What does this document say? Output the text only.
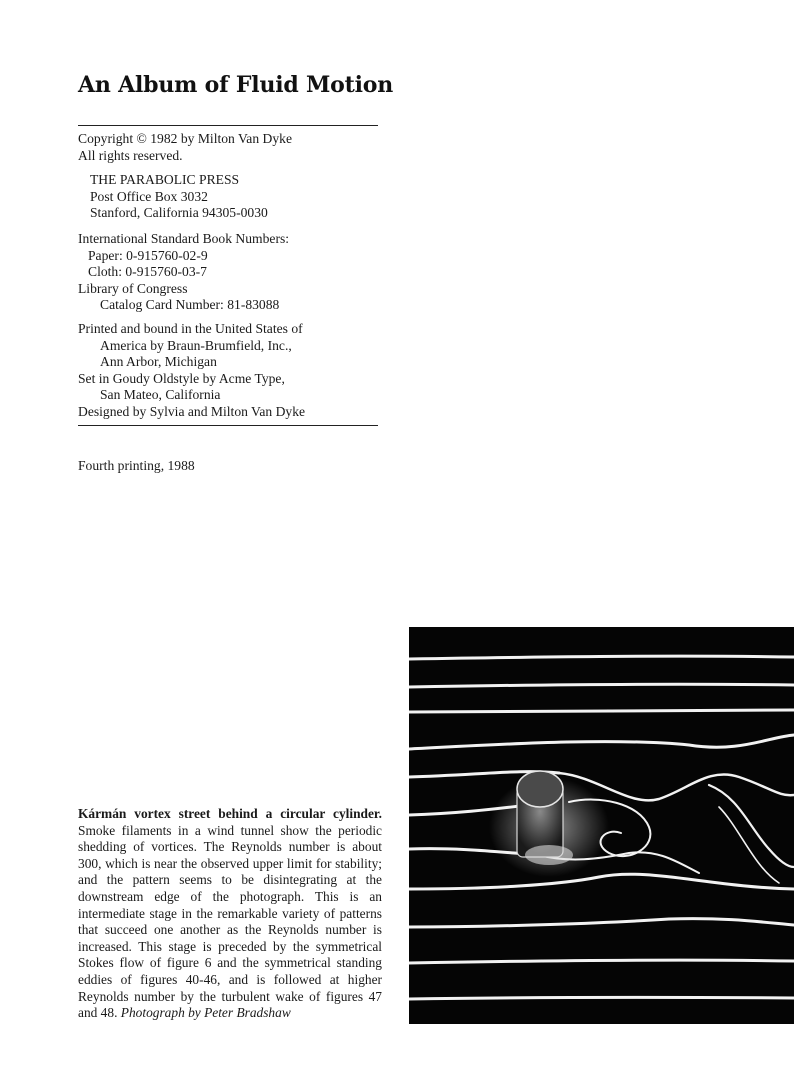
An Album of Fluid Motion
Copyright © 1982 by Milton Van Dyke
All rights reserved.
THE PARABOLIC PRESS
Post Office Box 3032
Stanford, California 94305-0030
International Standard Book Numbers:
Paper: 0-915760-02-9
Cloth: 0-915760-03-7
Library of Congress
Catalog Card Number: 81-83088
Printed and bound in the United States of
America by Braun-Brumfield, Inc.,
Ann Arbor, Michigan
Set in Goudy Oldstyle by Acme Type,
San Mateo, California
Designed by Sylvia and Milton Van Dyke
Fourth printing, 1988
Kármán vortex street behind a circular cylinder. Smoke filaments in a wind tunnel show the periodic shedding of vortices. The Reynolds number is about 300, which is near the observed upper limit for stability; and the pattern seems to be disintegrating at the downstream edge of the photograph. This is an intermediate stage in the remarkable variety of patterns that succeed one another as the Reynolds number is increased. This stage is preceded by the symmetrical Stokes flow of figure 6 and the symmetrical standing eddies of figures 40-46, and is followed at higher Reynolds number by the turbulent wake of figures 47 and 48. Photograph by Peter Bradshaw
